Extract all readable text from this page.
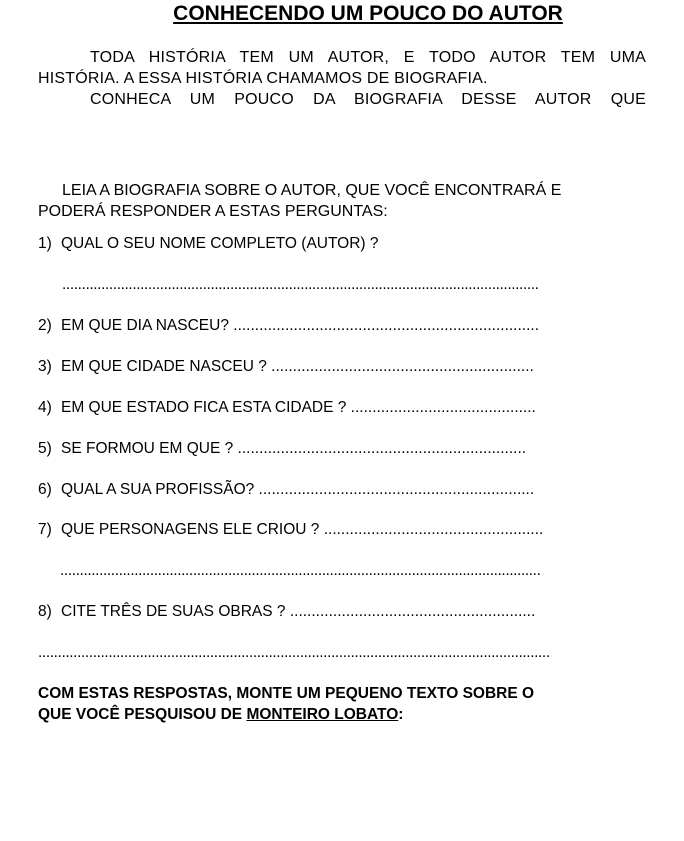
CONHECENDO UM POUCO DO AUTOR
TODA HISTÓRIA TEM UM AUTOR, E TODO AUTOR TEM UMA
HISTÓRIA. A ESSA HISTÓRIA CHAMAMOS DE BIOGRAFIA.
CONHECA UM POUCO DA BIOGRAFIA DESSE AUTOR QUE
LEIA A BIOGRAFIA SOBRE O AUTOR, QUE VOCÊ ENCONTRARÁ E
PODERÁ RESPONDER A ESTAS PERGUNTAS:
1) QUAL O SEU NOME COMPLETO (AUTOR) ?
..........................................................................................................................
2) EM QUE DIA NASCEU? .......................................................................
3) EM QUE CIDADE NASCEU ? .............................................................
4) EM QUE ESTADO FICA ESTA CIDADE ? ...........................................
5) SE FORMOU EM QUE ? ...................................................................
6) QUAL A SUA PROFISSÃO? ................................................................
7) QUE PERSONAGENS ELE CRIOU ? ...................................................
...........................................................................................................................
8) CITE TRÊS DE SUAS OBRAS ? .........................................................
...................................................................................................................................
COM ESTAS RESPOSTAS, MONTE UM PEQUENO TEXTO SOBRE O
QUE VOCÊ PESQUISOU DE MONTEIRO LOBATO:
